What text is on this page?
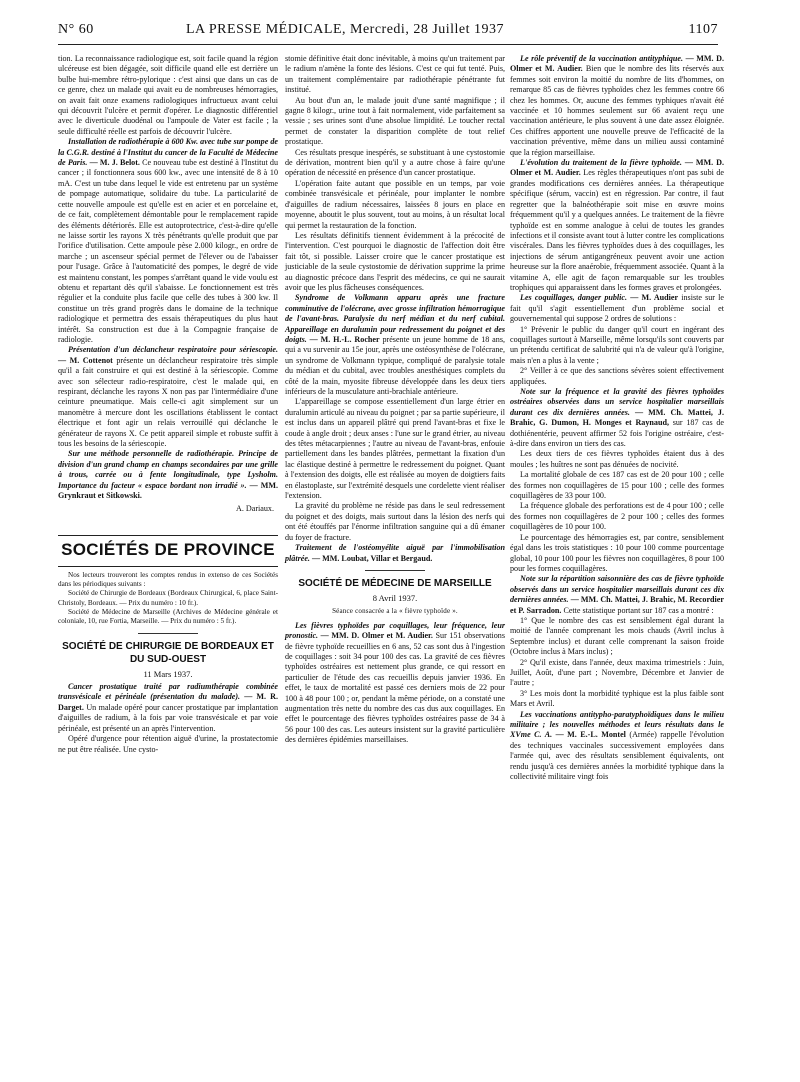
N° 60	LA PRESSE MÉDICALE, Mercredi, 28 Juillet 1937	1107

tion. La reconnaissance radiologique est, soit facile quand la région ulcéreuse est bien dégagée, soit difficile quand elle est derrière un bulbe hui-membre rétro-pylorique : c'est ainsi que dans un cas de ce genre, chez un malade qui avait eu de nombreuses hémorragies, on avait fait onze examens radiologiques infructueux avant celui qui découvrit l'ulcère et permit d'opérer. Le diagnostic différentiel avec le diverticule duodénal ou l'ampoule de Vater est facile ; la seule difficulté réelle est parfois de découvrir l'ulcère.

Installation de radiothérapie à 600 Kw. avec tube sur pompe de la C.G.R. destiné à l'Institut du cancer de la Faculté de Médecine de Paris. — M. J. Belot. Ce nouveau tube est destiné à l'Institut du cancer ; il fonctionnera sous 600 kw., avec une intensité de 8 à 10 mA. C'est un tube dans lequel le vide est entretenu par un système de pompage automatique, solidaire du tube. La particularité de cette nouvelle ampoule est qu'elle est en acier et en porcelaine et, de ce fait, complètement démontable pour le remplacement rapide des éléments détériorés. Elle est autoprotectrice, c'est-à-dire qu'elle ne laisse sortir les rayons X très pénétrants qu'elle produit que par l'orifice d'utilisation. Cette ampoule pèse 2.000 kilogr., en ordre de marche ; un ascenseur spécial permet de l'élever ou de l'abaisser pour l'usage. Grâce à l'automaticité des pompes, le degré de vide est maintenu constant, les pompes s'arrêtant quand le vide voulu est obtenu et repartant dès qu'il s'abaisse. Le fonctionnement est très régulier et la conduite plus facile que celle des tubes à 300 kw. Il constitue un très grand progrès dans le domaine de la technique radiologique et permettra des essais thérapeutiques du plus haut intérêt. Sa construction est due à la Compagnie française de radiologie.

Présentation d'un déclancheur respiratoire pour sériescopie. — M. Cottenot présente un déclancheur respiratoire très simple qu'il a fait construire et qui est destiné à la sériescopie. Comme avec son sélecteur radio-respiratoire, c'est le malade qui, en respirant, déclanche les rayons X non pas par l'intermédiaire d'une ceinture pneumatique. Mais celle-ci agit simplement sur un manomètre à mercure dont les oscillations établissent le contact électrique et font agir un relais verrouillé qui déclanche le générateur de rayons X. Ce petit appareil simple et robuste suffit à tous les besoins de la sériescopie.

Sur une méthode personnelle de radiothérapie. Principe de division d'un grand champ en champs secondaires par une grille à trous, carrée ou à fente longitudinale, type Lysholm. Importance du facteur « espace bordant non irradié ». — MM. Grynkraut et Sitkowski.

A. Dariaux.

SOCIÉTÉS DE PROVINCE

Nos lecteurs trouveront les comptes rendus in extenso de ces Sociétés dans les périodiques suivants :

Société de Chirurgie de Bordeaux (Bordeaux Chirurgical, 6, place Saint-Christoly, Bordeaux. — Prix du numéro : 10 fr.).

Société de Médecine de Marseille (Archives de Médecine générale et coloniale, 10, rue Fortia, Marseille. — Prix du numéro : 5 fr.).

SOCIÉTÉ DE CHIRURGIE DE BORDEAUX ET DU SUD-OUEST
11 Mars 1937.

Cancer prostatique traité par radiumthérapie combinée transvésicale et périnéale (présentation du malade). — M. R. Darget. Un malade opéré pour cancer prostatique par implantation d'aiguilles de radium, à la fois par voie transvésicale et par voie périnéale, est présenté un an après l'intervention.

Opéré d'urgence pour rétention aiguë d'urine, la prostatectomie ne put être réalisée. Une cysto-

stomie définitive était donc inévitable, à moins qu'un traitement par le radium n'amène la fonte des lésions. C'est ce qui fut tenté. Puis, un traitement complémentaire par radiothérapie pénétrante fut institué.

Au bout d'un an, le malade jouit d'une santé magnifique ; il gagne 8 kilogr., urine tout à fait normalement, vide parfaitement sa vessie ; ses urines sont d'une absolue limpidité. Le toucher rectal permet de constater la disparition complète de tout relief prostatique.

Ces résultats presque inespérés, se substituant à une cystostomie de dérivation, montrent bien qu'il y a autre chose à faire qu'une opération de nécessité en présence d'un cancer prostatique.

L'opération faite autant que possible en un temps, par voie combinée transvésicale et périnéale, pour implanter le nombre d'aiguilles de radium nécessaires, laissées 8 jours en place en moyenne, aboutit le plus souvent, tout au moins, à un résultat local qui permet la restauration de la fonction.

Les résultats définitifs tiennent évidemment à la précocité de l'intervention. C'est pourquoi le diagnostic de l'affection doit être fait tôt, si possible. Laisser croire que le cancer prostatique est justiciable de la seule cystostomie de dérivation supprime la prime au diagnostic précoce dans l'esprit des médecins, ce qui ne saurait avoir que les plus fâcheuses conséquences.

Syndrome de Volkmann apparu après une fracture comminutive de l'olécrane, avec grosse infiltration hémorragique de l'avant-bras. Paralysie du nerf médian et du nerf cubital. Appareillage en duralumin pour redressement du poignet et des doigts. — M. H.-L. Rocher présente un jeune homme de 18 ans, qui a vu survenir au 15e jour, après une ostéosynthèse de l'olécrane, un syndrome de Volkmann typique, compliqué de paralysie totale du médian et du cubital, avec troubles anesthésiques complets du côté de la main, myosite fibreuse développée dans les deux tiers inférieurs de la musculature anti-brachiale antérieure.

L'appareillage se compose essentiellement d'un large étrier en duralumin articulé au niveau du poignet ; par sa partie supérieure, il est inclus dans un appareil plâtré qui prend l'avant-bras et fixe le coude à angle droit ; deux anses : l'une sur le grand étrier, au niveau des têtes métacarpiennes ; l'autre au niveau de l'avant-bras, enfouie partiellement dans les bandes plâtrées, permettant la fixation d'un lac élastique destiné à permettre le redressement du poignet. Quant à l'extension des doigts, elle est réalisée au moyen de doigtiers faits en élastoplaste, sur l'extrémité desquels une cordelette vient réaliser l'extension.

La gravité du problème ne réside pas dans le seul redressement du poignet et des doigts, mais surtout dans la lésion des nerfs qui ont été étouffés par l'énorme infiltration sanguine qui a dû émaner du foyer de fracture.

Traitement de l'ostéomyélite aiguë par l'immobilisation plâtrée. — MM. Loubat, Villar et Bergaud.

SOCIÉTÉ DE MÉDECINE DE MARSEILLE
8 Avril 1937.
Séance consacrée a la « fièvre typhoïde ».

Les fièvres typhoïdes par coquillages, leur fréquence, leur pronostic. — MM. D. Olmer et M. Audier. Sur 151 observations de fièvre typhoïde recueillies en 6 ans, 52 cas sont dus à l'ingestion de coquillages : soit 34 pour 100 des cas. La gravité de ces fièvres typhoïdes ostréaires est nettement plus grande, ce qui ressort en particulier de l'étude des cas recueillis depuis janvier 1936. En effet, le taux de mortalité est passé ces derniers mois de 22 pour 100 à 48 pour 100 ; or, pendant la même période, on a constaté une augmentation très nette du nombre des cas dus aux coquillages. En effet le pourcentage des fièvres typhoïdes ostréaires passe de 34 à 56 pour 100 des cas. Les auteurs insistent sur la gravité particulière des dernières épidémies marseillaises.

Le rôle préventif de la vaccination antityphique. — MM. D. Olmer et M. Audier. Bien que le nombre des lits réservés aux femmes soit environ la moitié du nombre de lits d'hommes, on remarque 85 cas de fièvres typhoïdes chez les femmes contre 66 chez les hommes. Or, aucune des femmes typhiques n'avait été vaccinée et 10 hommes seulement sur 66 avaient reçu une vaccination antérieure, le plus souvent à une date assez éloignée. Ces chiffres apportent une nouvelle preuve de l'efficacité de la vaccination préventive, même dans un milieu aussi contaminé que la région marseillaise.

L'évolution du traitement de la fièvre typhoïde. — MM. D. Olmer et M. Audier. Les règles thérapeutiques n'ont pas subi de grandes modifications ces dernières années. La thérapeutique spécifique (sérum, vaccin) est en régression. Par contre, il faut regretter que la balnéothérapie soit mise en œuvre moins fréquemment qu'il y a quelques années. Le traitement de la fièvre typhoïde est en somme analogue à celui de toutes les grandes infections et il consiste avant tout à lutter contre les complications viscérales. Dans les fièvres typhoïdes dues à des coquillages, les injections de sérum antigangréneux peuvent avoir une action heureuse sur la flore anaérobie, fréquemment associée. Quant à la vitamine A, elle agit de façon remarquable sur les troubles trophiques qui apparaissent dans les formes graves et prolongées.

Les coquillages, danger public. — M. Audier insiste sur le fait qu'il s'agit essentiellement d'un problème social et gouvernemental qui suppose 2 ordres de solutions :

1° Prévenir le public du danger qu'il court en ingérant des coquillages surtout à Marseille, même lorsqu'ils sont couverts par un prétendu certificat de salubrité qui n'a de valeur qu'à l'origine, mais n'en a plus à la vente ;

2° Veiller à ce que des sanctions sévères soient effectivement appliquées.

Note sur la fréquence et la gravité des fièvres typhoïdes ostréaires observées dans un service hospitalier marseillais durant ces dix dernières années. — MM. Ch. Mattei, J. Brahic, G. Dumon, H. Monges et Raynaud, sur 187 cas de dothiénentérie, peuvent affirmer 52 fois l'origine ostréaire, c'est-à-dire dans environ un tiers des cas.

Les deux tiers de ces fièvres typhoïdes étaient dus à des moules ; les huîtres ne sont pas dénuées de nocivité.

La mortalité globale de ces 187 cas est de 20 pour 100 ; celle des formes non coquillagères de 15 pour 100 ; celle des formes coquillagères de 33 pour 100.

La fréquence globale des perforations est de 4 pour 100 ; celle des formes non coquillagères de 2 pour 100 ; celles des formes coquillagères de 10 pour 100.

Le pourcentage des hémorragies est, par contre, sensiblement égal dans les trois statistiques : 10 pour 100 comme pourcentage global, 10 pour 100 pour les fièvres non coquillagères, 8 pour 100 pour les formes coquillagères.

Note sur la répartition saisonnière des cas de fièvre typhoïde observés dans un service hospitalier marseillais durant ces dix dernières années. — MM. Ch. Mattei, J. Brahic, M. Recordier et P. Sarradon. Cette statistique portant sur 187 cas a montré :

1° Que le nombre des cas est sensiblement égal durant la moitié de l'année comprenant les mois chauds (Avril inclus à Septembre inclus) et durant celle comprenant la saison froide (Octobre inclus à Mars inclus) ;

2° Qu'il existe, dans l'année, deux maxima trimestriels : Juin, Juillet, Août, d'une part ; Novembre, Décembre et Janvier de l'autre ;

3° Les mois dont la morbidité typhique est la plus faible sont Mars et Avril.

Les vaccinations antitypho-paratyphoïdiques dans le milieu militaire ; les nouvelles méthodes et leurs résultats dans le XVme C. A. — M. E.-L. Montel (Armée) rappelle l'évolution des techniques vaccinales successivement employées dans l'armée qui, avec des résultats sensiblement équivalents, ont rendu jusqu'à ces dernières années la morbidité typhique dans la collectivité militaire vingt fois
